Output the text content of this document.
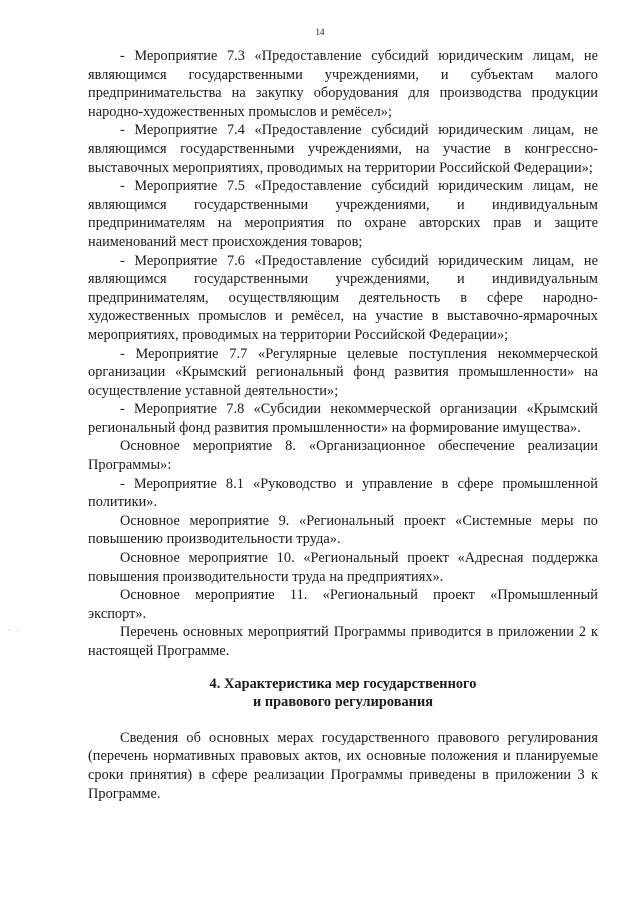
14
· ·

- Мероприятие 7.3 «Предоставление субсидий юридическим лицам, не являющимся государственными учреждениями, и субъектам малого предпринимательства на закупку оборудования для производства продукции народно-художественных промыслов и ремёсел»;

- Мероприятие 7.4 «Предоставление субсидий юридическим лицам, не являющимся государственными учреждениями, на участие в конгрессно-выставочных мероприятиях, проводимых на территории Российской Федерации»;

- Мероприятие 7.5 «Предоставление субсидий юридическим лицам, не являющимся государственными учреждениями, и индивидуальным предпринимателям на мероприятия по охране авторских прав и защите наименований мест происхождения товаров;

- Мероприятие 7.6 «Предоставление субсидий юридическим лицам, не являющимся государственными учреждениями, и индивидуальным предпринимателям, осуществляющим деятельность в сфере народно-художественных промыслов и ремёсел, на участие в выставочно-ярмарочных мероприятиях, проводимых на территории Российской Федерации»;

- Мероприятие 7.7 «Регулярные целевые поступления некоммерческой организации «Крымский региональный фонд развития промышленности» на осуществление уставной деятельности»;

- Мероприятие 7.8 «Субсидии некоммерческой организации «Крымский региональный фонд развития промышленности» на формирование имущества».

Основное мероприятие 8. «Организационное обеспечение реализации Программы»:

- Мероприятие 8.1 «Руководство и управление в сфере промышленной политики».

Основное мероприятие 9. «Региональный проект «Системные меры по повышению производительности труда».

Основное мероприятие 10. «Региональный проект «Адресная поддержка повышения производительности труда на предприятиях».

Основное мероприятие 11. «Региональный проект «Промышленный экспорт».

Перечень основных мероприятий Программы приводится в приложении 2 к настоящей Программе.

4. Характеристика мер государственного
и правового регулирования

Сведения об основных мерах государственного правового регулирования (перечень нормативных правовых актов, их основные положения и планируемые сроки принятия) в сфере реализации Программы приведены в приложении 3 к Программе.
